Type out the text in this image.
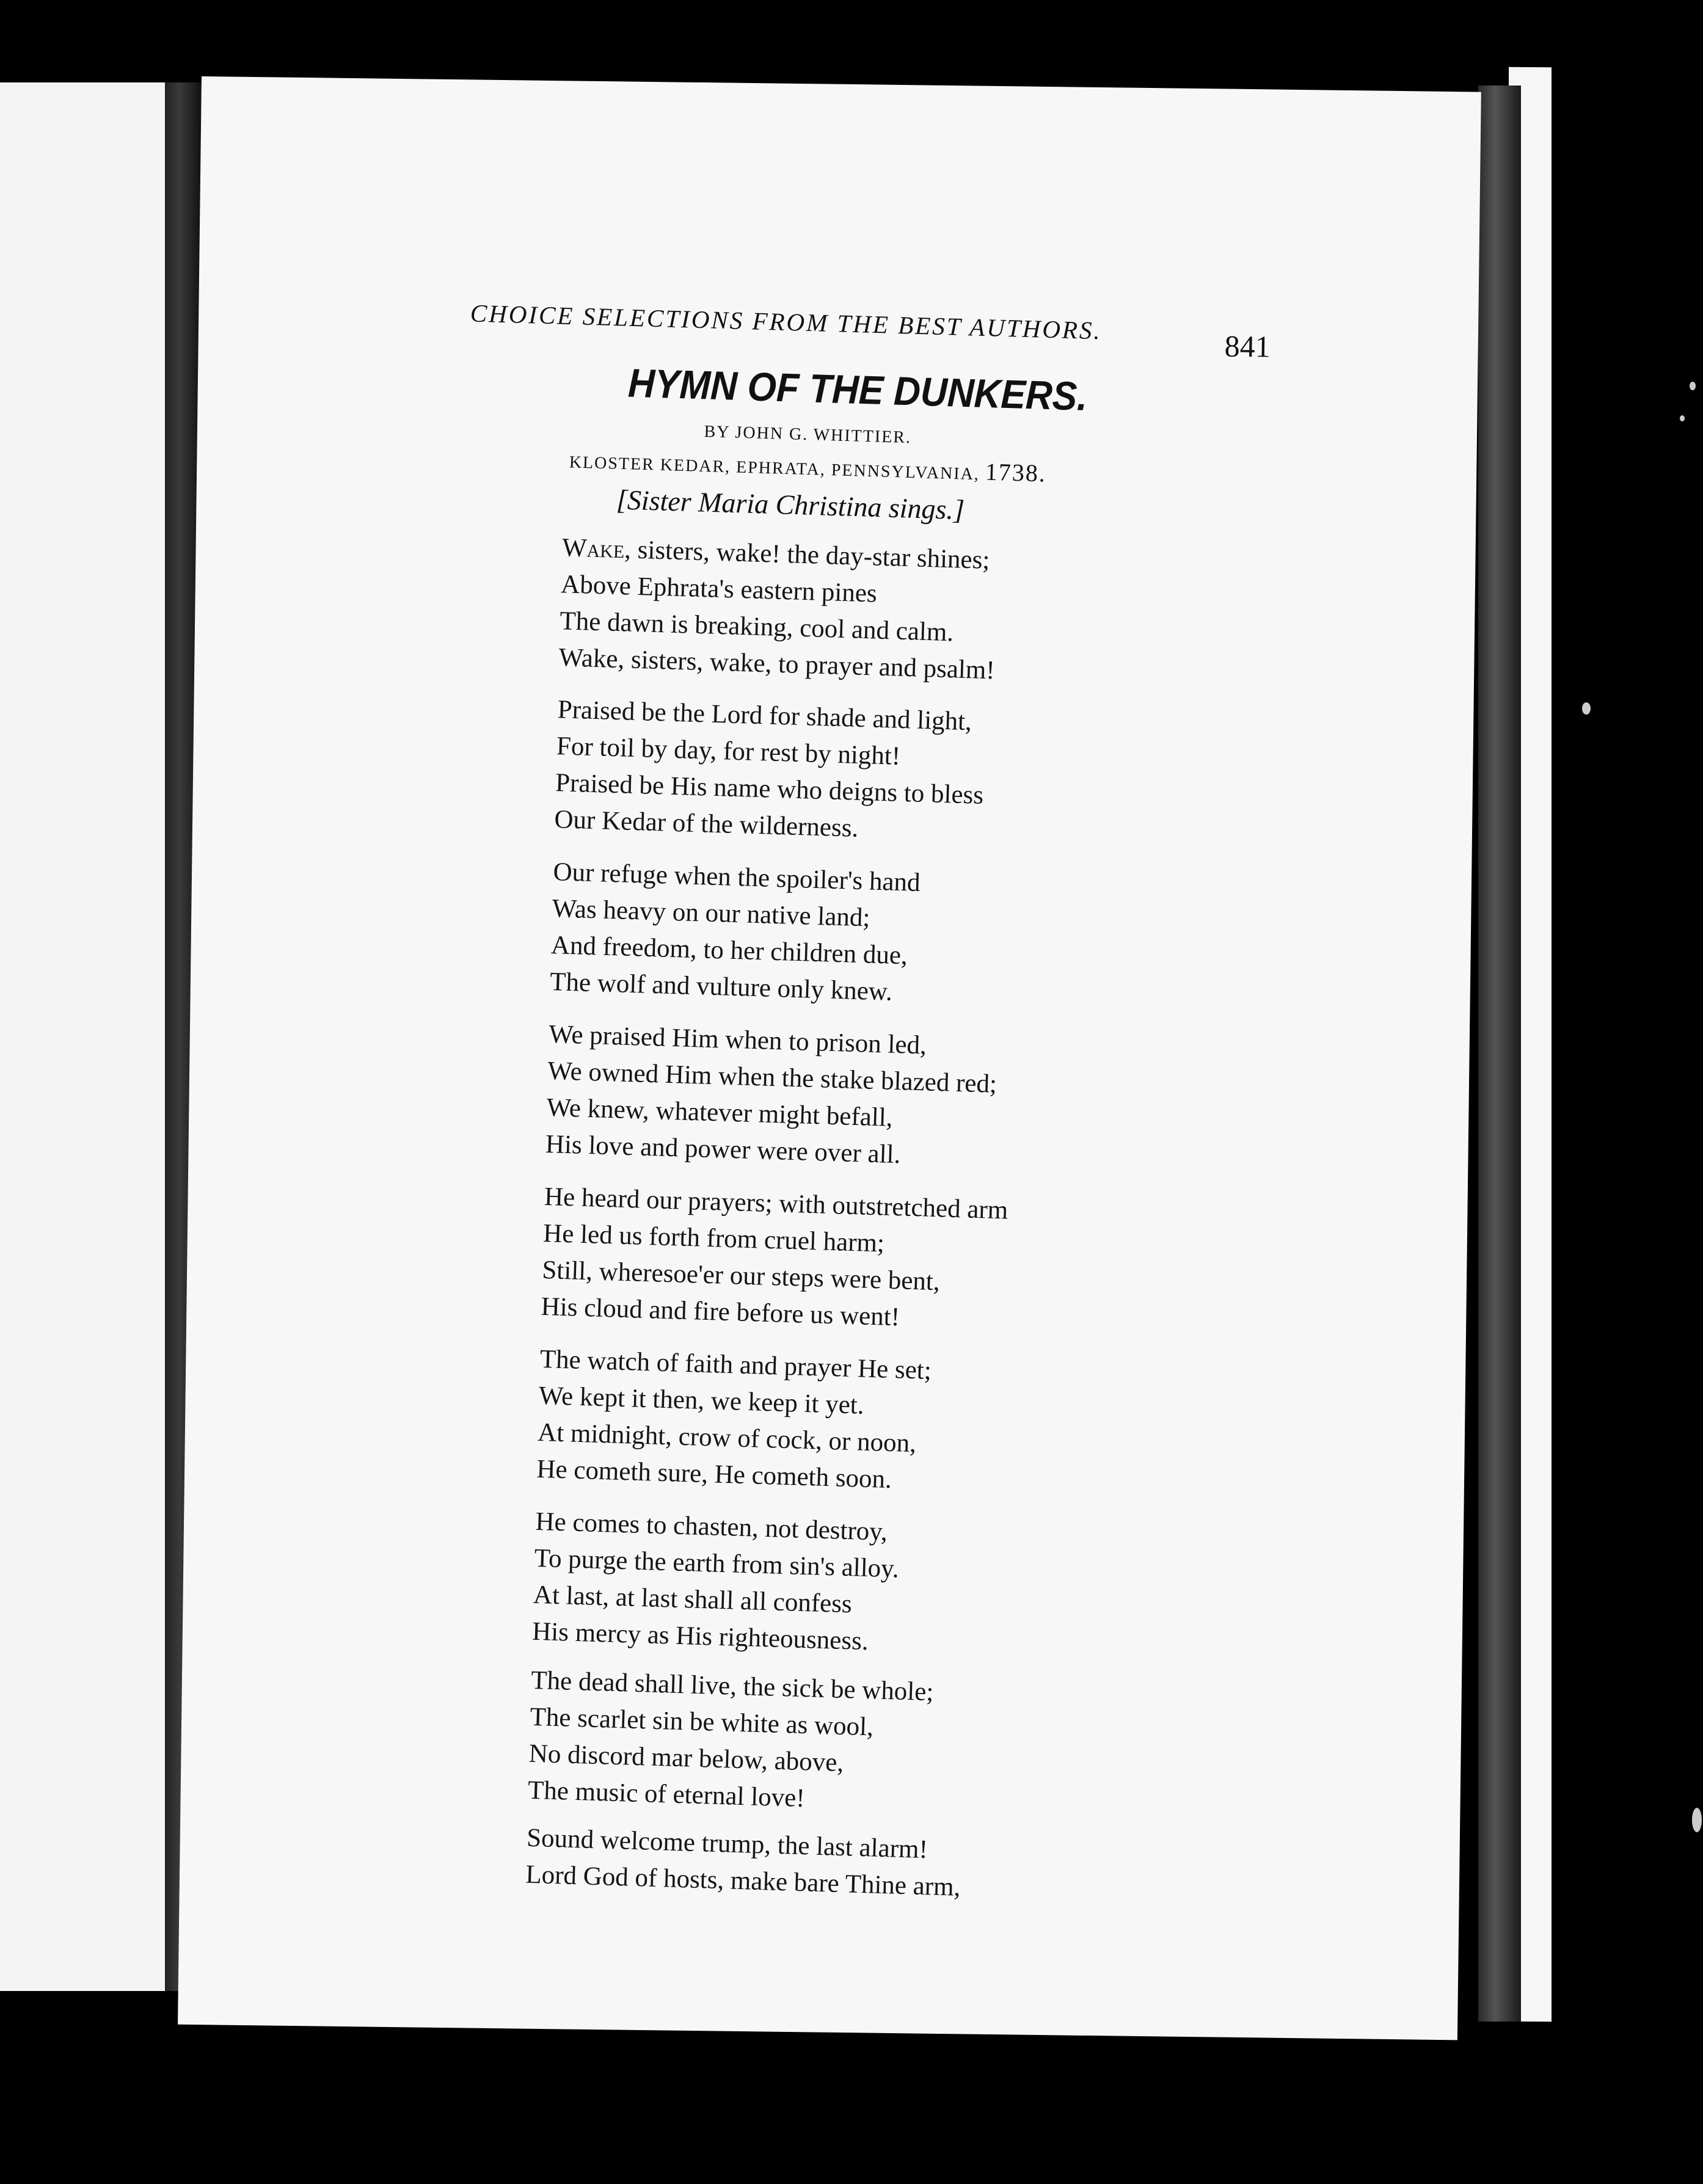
CHOICE SELECTIONS FROM THE BEST AUTHORS.
841
HYMN OF THE DUNKERS.
BY JOHN G. WHITTIER.
KLOSTER KEDAR, EPHRATA, PENNSYLVANIA, 1738.
[Sister Maria Christina sings.]
Wake, sisters, wake! the day-star shines;
Above Ephrata's eastern pines
The dawn is breaking, cool and calm.
Wake, sisters, wake, to prayer and psalm!
Praised be the Lord for shade and light,
For toil by day, for rest by night!
Praised be His name who deigns to bless
Our Kedar of the wilderness.
Our refuge when the spoiler's hand
Was heavy on our native land;
And freedom, to her children due,
The wolf and vulture only knew.
We praised Him when to prison led,
We owned Him when the stake blazed red;
We knew, whatever might befall,
His love and power were over all.
He heard our prayers; with outstretched arm
He led us forth from cruel harm;
Still, wheresoe'er our steps were bent,
His cloud and fire before us went!
The watch of faith and prayer He set;
We kept it then, we keep it yet.
At midnight, crow of cock, or noon,
He cometh sure, He cometh soon.
He comes to chasten, not destroy,
To purge the earth from sin's alloy.
At last, at last shall all confess
His mercy as His righteousness.
The dead shall live, the sick be whole;
The scarlet sin be white as wool,
No discord mar below, above,
The music of eternal love!
Sound welcome trump, the last alarm!
Lord God of hosts, make bare Thine arm,
